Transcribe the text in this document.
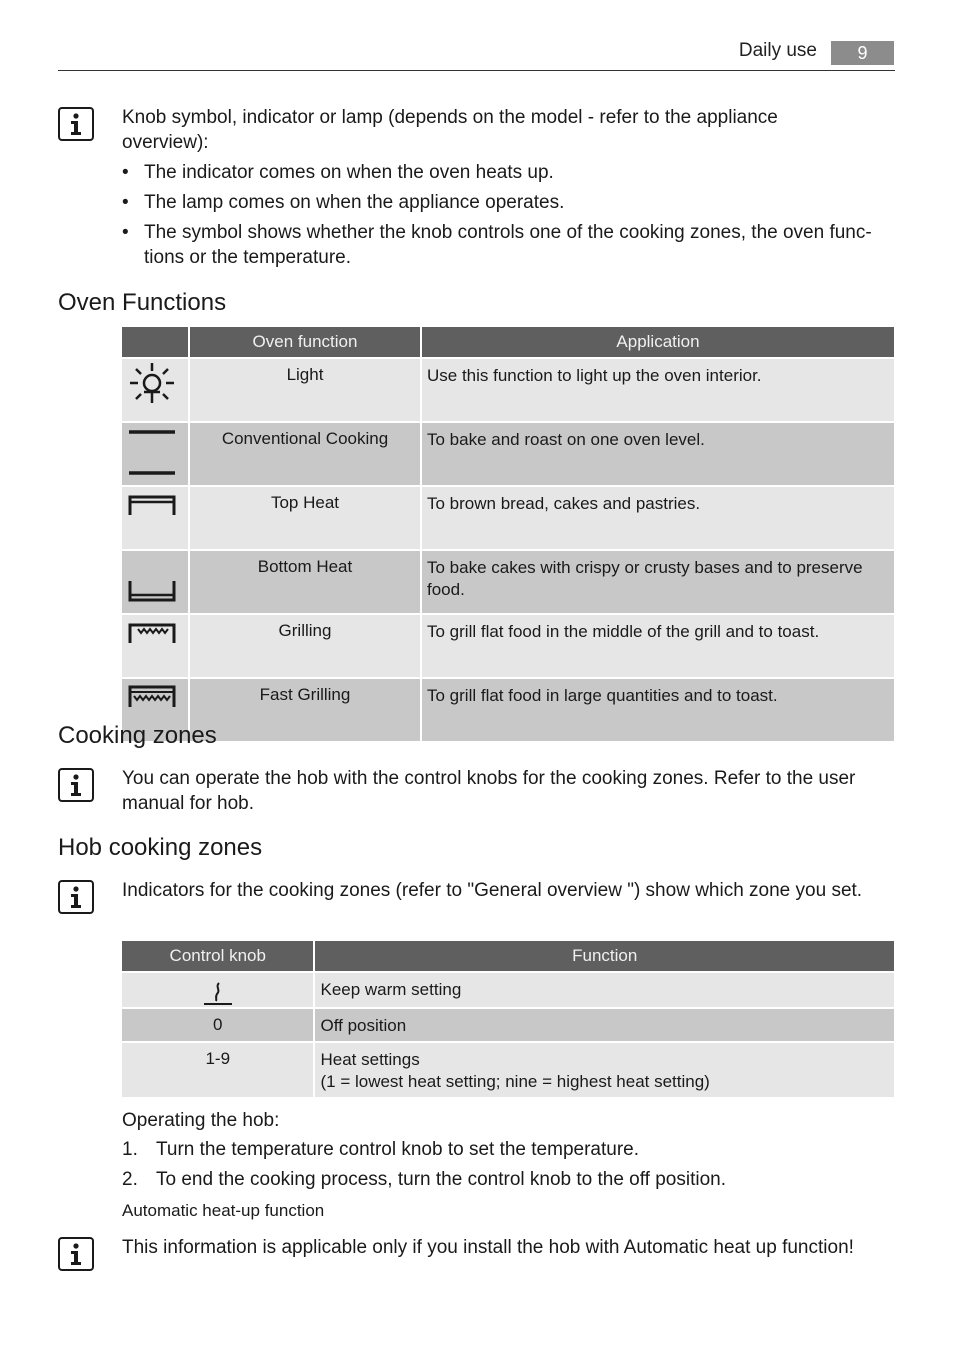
Daily use	9
Knob symbol, indicator or lamp (depends on the model - refer to the appliance overview):
• The indicator comes on when the oven heats up.
• The lamp comes on when the appliance operates.
• The symbol shows whether the knob controls one of the cooking zones, the oven func-tions or the temperature.
Oven Functions
	Oven function	Application
	Light	Use this function to light up the oven interior.
	Conventional Cooking	To bake and roast on one oven level.
	Top Heat	To brown bread, cakes and pastries.
	Bottom Heat	To bake cakes with crispy or crusty bases and to preserve food.
	Grilling	To grill flat food in the middle of the grill and to toast.
	Fast Grilling	To grill flat food in large quantities and to toast.
Cooking zones
You can operate the hob with the control knobs for the cooking zones. Refer to the user manual for hob.
Hob cooking zones
Indicators for the cooking zones (refer to "General overview ") show which zone you set.
Control knob	Function

	Keep warm setting
0	Off position
1-9	Heat settings
(1 = lowest heat setting; nine = highest heat setting)
Operating the hob:
1. Turn the temperature control knob to set the temperature.
2. To end the cooking process, turn the control knob to the off position.
Automatic heat-up function
This information is applicable only if you install the hob with Automatic heat up function!
